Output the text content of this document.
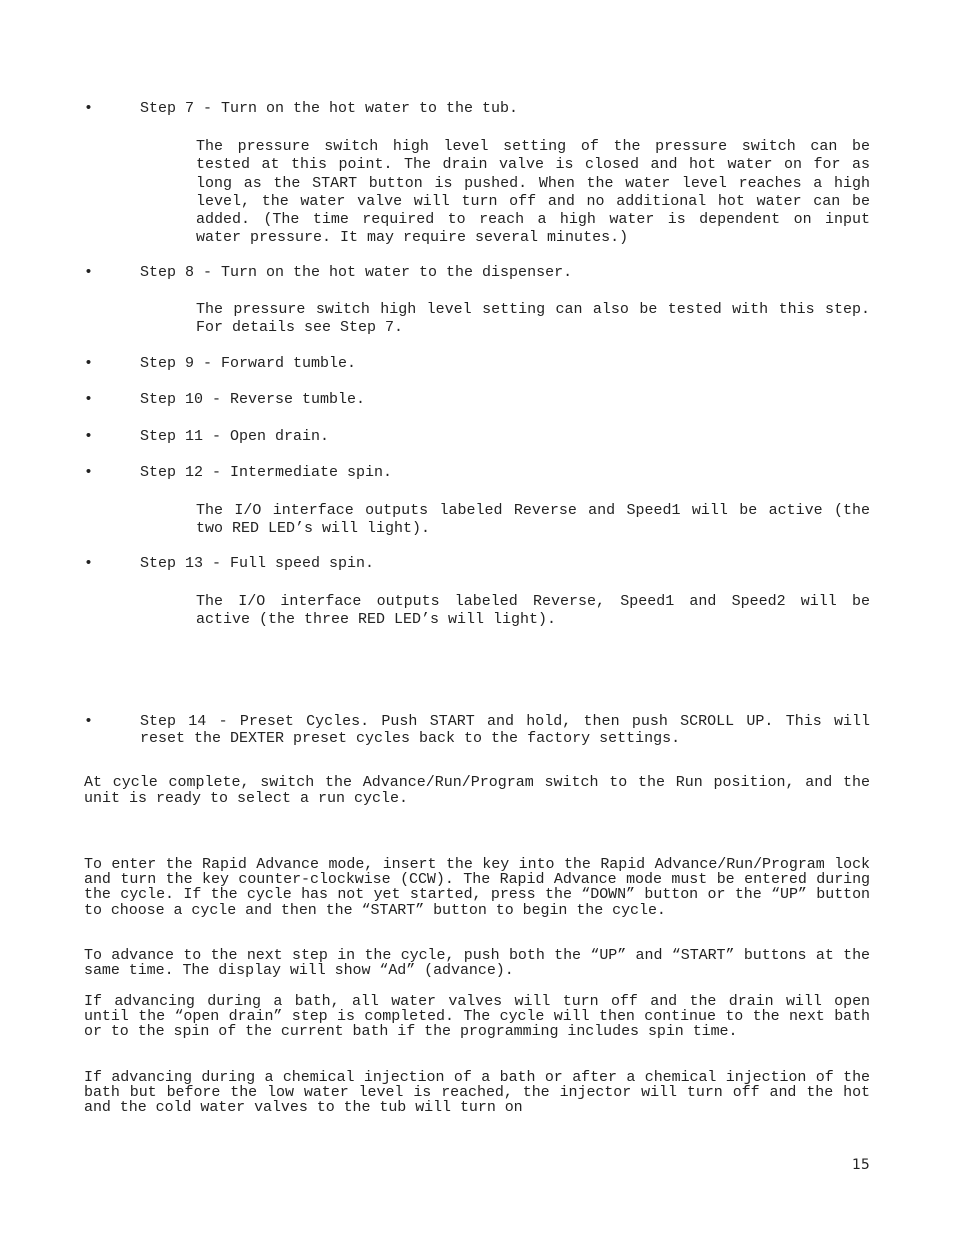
•	Step 7 - Turn on the hot water to the tub.
The pressure switch high level setting of the pressure switch can be tested at this point. The drain valve is closed and hot water on for as long as the START button is pushed. When the water level reaches a high level, the water valve will turn off and no additional hot water can be added. (The time required to reach a high water is dependent on input water pressure. It may require several minutes.)
•	Step 8 - Turn on the hot water to the dispenser.
The pressure switch high level setting can also be tested with this step. For details see Step 7.
•	Step 9 - Forward tumble.
•	Step 10 - Reverse tumble.
•	Step 11 - Open drain.
•	Step 12 - Intermediate spin.
The I/O interface outputs labeled Reverse and Speed1 will be active (the two RED LED’s will light).
•	Step 13 - Full speed spin.
The I/O interface outputs labeled Reverse, Speed1 and Speed2 will be active (the three RED LED’s will light).
•	Step 14 - Preset Cycles. Push START and hold, then push SCROLL UP. This will reset the DEXTER preset cycles back to the factory settings.
At cycle complete, switch the Advance/Run/Program switch to the Run position, and the unit is ready to select a run cycle.
To enter the Rapid Advance mode, insert the key into the Rapid Advance/Run/Program lock and turn the key counter-clockwise (CCW). The Rapid Advance mode must be entered during the cycle. If the cycle has not yet started, press the “DOWN” button or the “UP” button to choose a cycle and then the “START” button to begin the cycle.
To advance to the next step in the cycle, push both the “UP” and “START” buttons at the same time. The display will show “Ad” (advance).
If advancing during a bath, all water valves will turn off and the drain will open until the “open drain” step is completed. The cycle will then continue to the next bath or to the spin of the current bath if the programming includes spin time.
If advancing during a chemical injection of a bath or after a chemical injection of the bath but before the low water level is reached, the injector will turn off and the hot and the cold water valves to the tub will turn on
15
